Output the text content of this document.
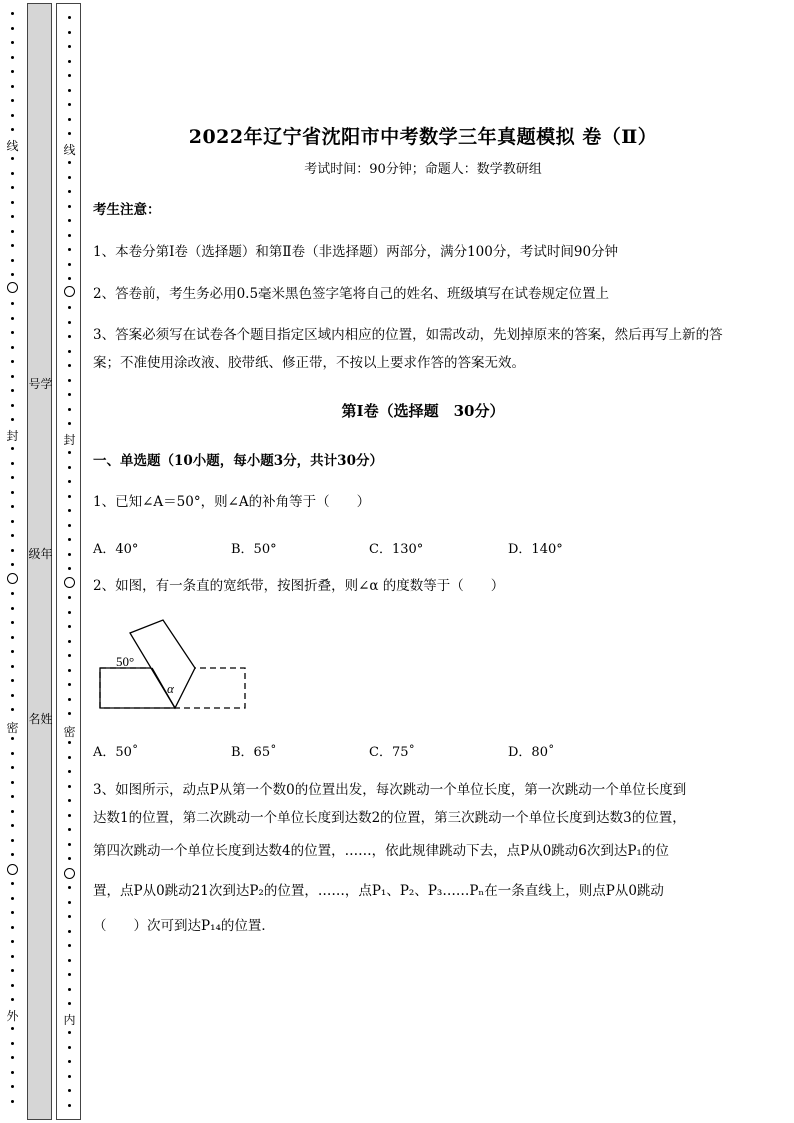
线
封
密
外
号学
级年
名姓
线
封
密
内
2022年辽宁省沈阳市中考数学三年真题模拟 卷（Ⅱ）
考试时间：90分钟；命题人：数学教研组
考生注意：
1、本卷分第Ⅰ卷（选择题）和第Ⅱ卷（非选择题）两部分，满分100分，考试时间90分钟
2、答卷前，考生务必用0.5毫米黑色签字笔将自己的姓名、班级填写在试卷规定位置上
3、答案必须写在试卷各个题目指定区域内相应的位置，如需改动，先划掉原来的答案，然后再写上新的答案；不准使用涂改液、胶带纸、修正带，不按以上要求作答的答案无效。
第Ⅰ卷（选择题　30分）
一、单选题（10小题，每小题3分，共计30分）
1、已知∠A＝50°，则∠A的补角等于（　　）
A．40°	B．50°	C．130°	D．140°
2、如图，有一条直的宽纸带，按图折叠，则∠α 的度数等于（　　）
A．50˚	B．65˚	C．75˚	D．80˚
3、如图所示，动点P从第一个数0的位置出发，每次跳动一个单位长度，第一次跳动一个单位长度到
达数1的位置，第二次跳动一个单位长度到达数2的位置，第三次跳动一个单位长度到达数3的位置，
第四次跳动一个单位长度到达数4的位置，……，依此规律跳动下去，点P从0跳动6次到达P₁的位
置，点P从0跳动21次到达P₂的位置，……，点P₁、P₂、P₃……Pₙ在一条直线上，则点P从0跳动
（　　）次可到达P₁₄的位置．
50°
α
